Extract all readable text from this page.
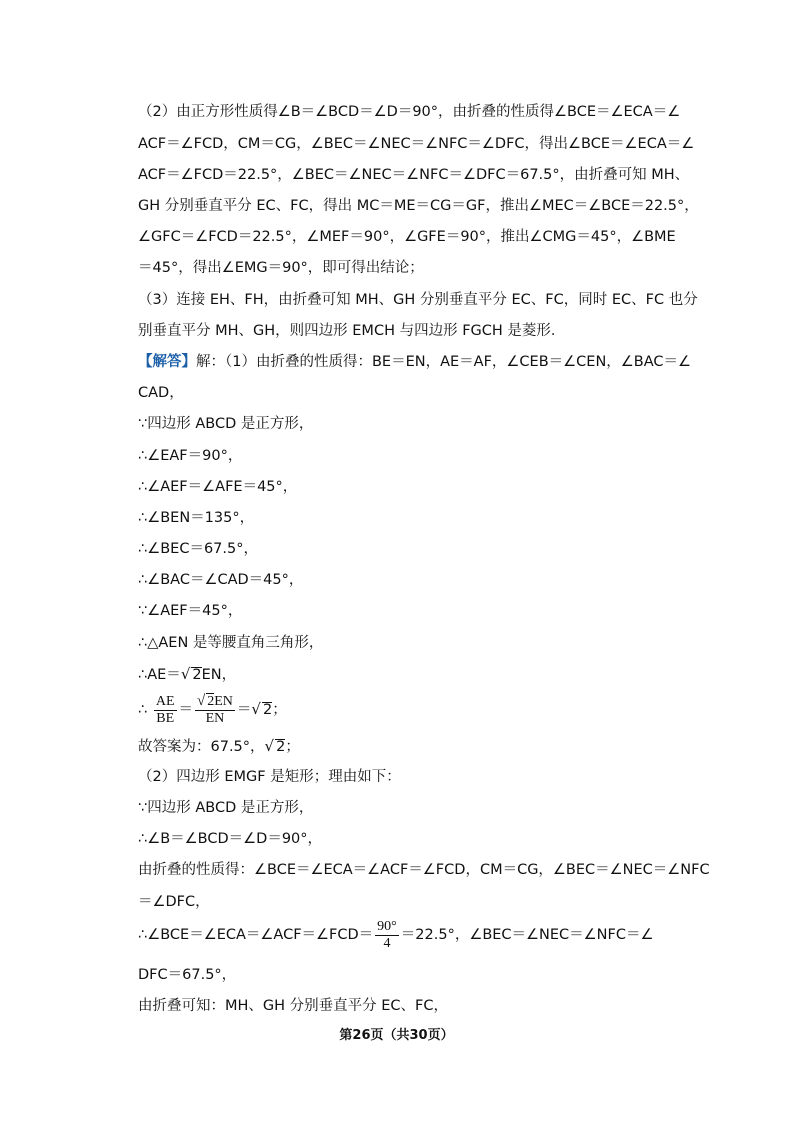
（2）由正方形性质得∠B＝∠BCD＝∠D＝90°，由折叠的性质得∠BCE＝∠ECA＝∠
ACF＝∠FCD，CM＝CG，∠BEC＝∠NEC＝∠NFC＝∠DFC，得出∠BCE＝∠ECA＝∠
ACF＝∠FCD＝22.5°，∠BEC＝∠NEC＝∠NFC＝∠DFC＝67.5°，由折叠可知 MH、
GH 分别垂直平分 EC、FC，得出 MC＝ME＝CG＝GF，推出∠MEC＝∠BCE＝22.5°，
∠GFC＝∠FCD＝22.5°，∠MEF＝90°，∠GFE＝90°，推出∠CMG＝45°，∠BME
＝45°，得出∠EMG＝90°，即可得出结论；
（3）连接 EH、FH，由折叠可知 MH、GH 分别垂直平分 EC、FC，同时 EC、FC 也分
别垂直平分 MH、GH，则四边形 EMCH 与四边形 FGCH 是菱形．
【解答】解：（1）由折叠的性质得：BE＝EN，AE＝AF，∠CEB＝∠CEN，∠BAC＝∠
CAD，
∵四边形 ABCD 是正方形，
∴∠EAF＝90°，
∴∠AEF＝∠AFE＝45°，
∴∠BEN＝135°，
∴∠BEC＝67.5°，
∴∠BAC＝∠CAD＝45°，
∵∠AEF＝45°，
∴△AEN 是等腰直角三角形，
∴AE＝√ 2EN，
∴ $\frac{AE}{BE} = \frac{√ 2EN}{EN}$ ＝√ 2；
故答案为：67.5°，√ 2；
（2）四边形 EMGF 是矩形；理由如下：
∵四边形 ABCD 是正方形，
∴∠B＝∠BCD＝∠D＝90°，
由折叠的性质得：∠BCE＝∠ECA＝∠ACF＝∠FCD，CM＝CG，∠BEC＝∠NEC＝∠NFC
＝∠DFC，
∴∠BCE＝∠ECA＝∠ACF＝∠FCD＝ $\frac{90^\circ}{4} =22.5^\circ$，∠BEC＝∠NEC＝∠NFC＝∠
DFC＝67.5°，
由折叠可知：MH、GH 分别垂直平分 EC、FC，
第26页（共30页）
